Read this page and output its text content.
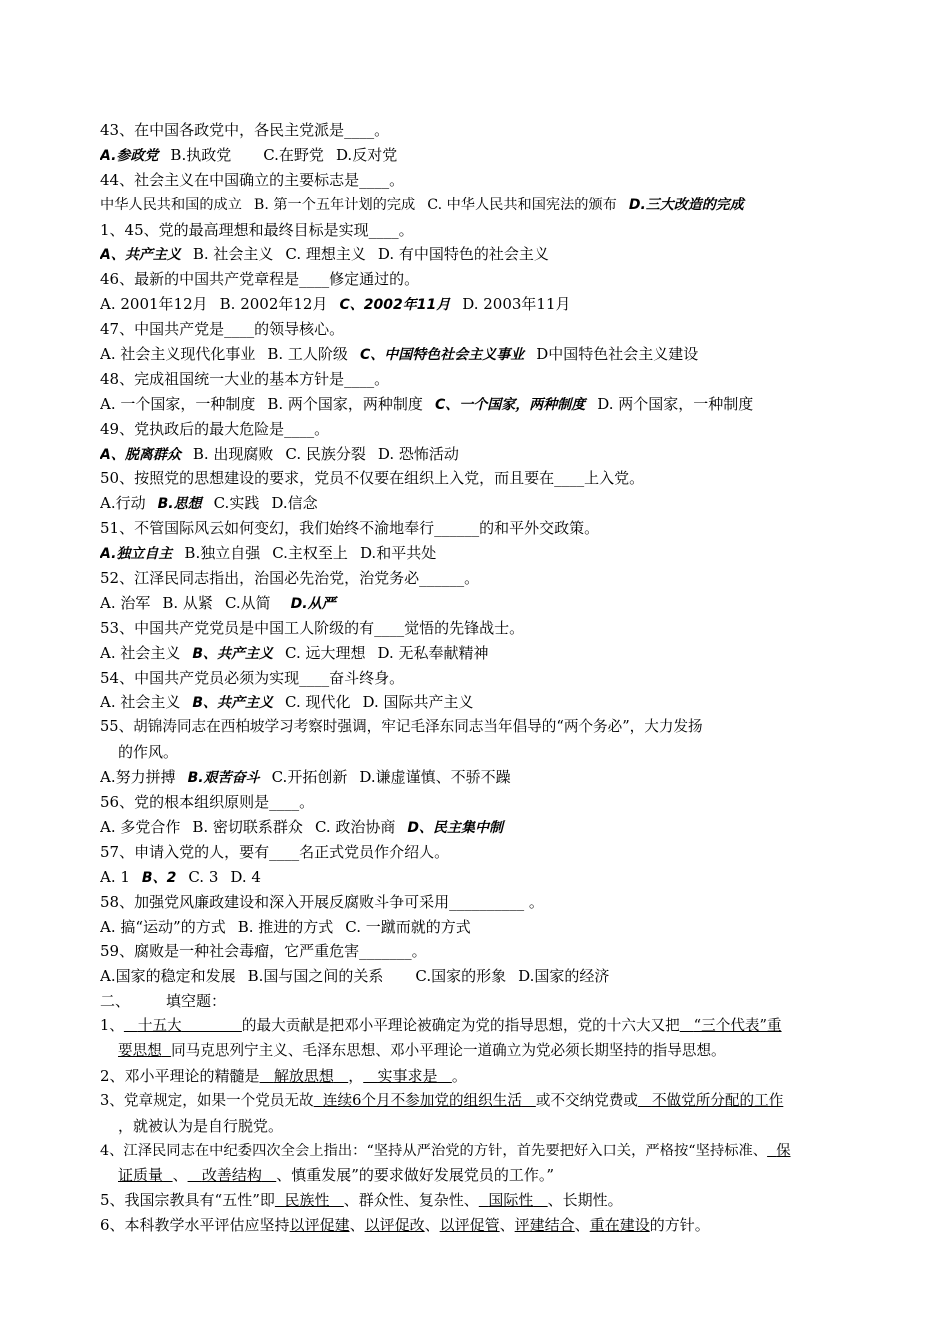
43、在中国各政党中，各民主党派是____。
A.参政党 B.执政党 C.在野党 D.反对党
44、社会主义在中国确立的主要标志是____。
中华人民共和国的成立 B. 第一个五年计划的完成 C. 中华人民共和国宪法的颁布 D.三大改造的完成
1、45、党的最高理想和最终目标是实现____。
A、共产主义 B. 社会主义 C. 理想主义 D. 有中国特色的社会主义
46、最新的中国共产党章程是____修定通过的。
A. 2001年12月 B. 2002年12月 C、2002年11月 D. 2003年11月
47、中国共产党是____的领导核心。
A. 社会主义现代化事业 B. 工人阶级 C、中国特色社会主义事业 D中国特色社会主义建设
48、完成祖国统一大业的基本方针是____。
A. 一个国家，一种制度 B. 两个国家，两种制度 C、一个国家，两种制度 D. 两个国家，一种制度
49、党执政后的最大危险是____。
A、脱离群众 B. 出现腐败 C. 民族分裂 D. 恐怖活动
50、按照党的思想建设的要求，党员不仅要在组织上入党，而且要在____上入党。
A.行动 B.思想 C.实践 D.信念
51、不管国际风云如何变幻，我们始终不渝地奉行______的和平外交政策。
A.独立自主 B.独立自强 C.主权至上 D.和平共处
52、江泽民同志指出，治国必先治党，治党务必______。
A. 治军 B. 从紧 C.从简 D.从严
53、中国共产党党员是中国工人阶级的有____觉悟的先锋战士。
A. 社会主义 B、共产主义 C. 远大理想 D. 无私奉献精神
54、中国共产党员必须为实现____奋斗终身。
A. 社会主义 B、共产主义 C. 现代化 D. 国际共产主义
55、胡锦涛同志在西柏坡学习考察时强调，牢记毛泽东同志当年倡导的“两个务必”，大力发扬
的作风。
A.努力拼搏 B.艰苦奋斗 C.开拓创新 D.谦虚谨慎、不骄不躁
56、党的根本组织原则是____。
A. 多党合作 B. 密切联系群众 C. 政治协商 D、民主集中制
57、申请入党的人，要有____名正式党员作介绍人。
A. 1 B、2 C. 3 D. 4
58、加强党风廉政建设和深入开展反腐败斗争可采用__________ 。
A. 搞“运动”的方式 B. 推进的方式 C. 一蹴而就的方式
59、腐败是一种社会毒瘤，它严重危害_______。
A.国家的稳定和发展 B.国与国之间的关系 C.国家的形象 D.国家的经济
二、 填空题：
1、 十五大	的最大贡献是把邓小平理论被确定为党的指导思想，党的十六大又把 “三个代表”重
要思想 同马克思列宁主义、毛泽东思想、邓小平理论一道确立为党必须长期坚持的指导思想。
2、邓小平理论的精髓是 解放思想 ， 实事求是 。
3、党章规定，如果一个党员无故 连续6个月不参加党的组织生活 或不交纳党费或 不做党所分配的工作
，就被认为是自行脱党。
4、江泽民同志在中纪委四次全会上指出：“坚持从严治党的方针，首先要把好入口关，严格按“坚持标准、 保
证质量 、 改善结构 、慎重发展”的要求做好发展党员的工作。”
5、我国宗教具有“五性”即 民族性 、群众性、复杂性、 国际性 、长期性。
6、本科教学水平评估应坚持以评促建、以评促改、以评促管、评建结合、重在建设的方针。
